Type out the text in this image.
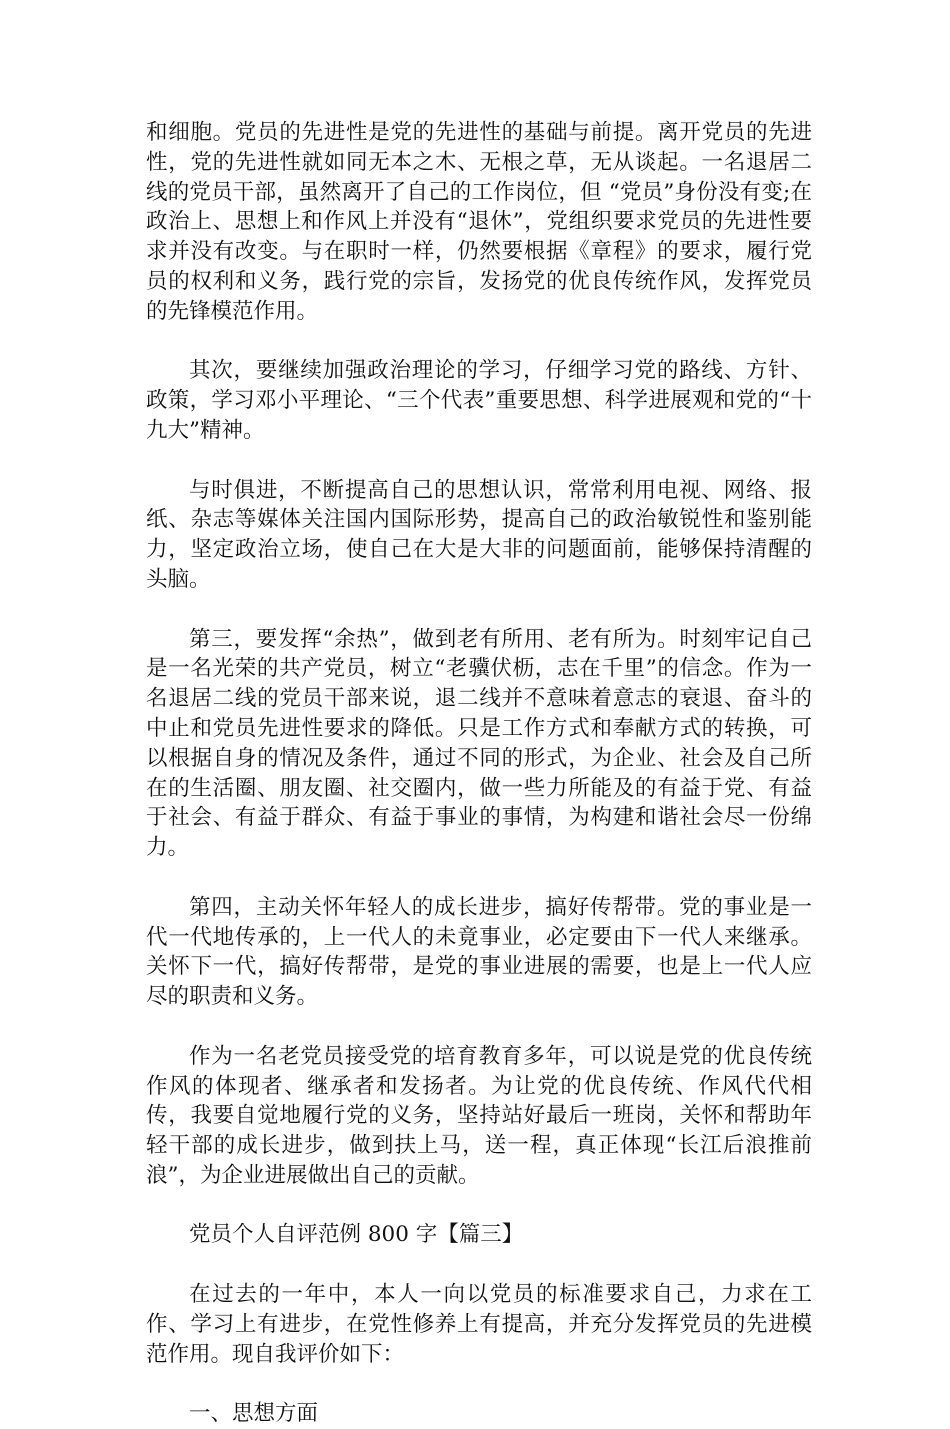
和细胞。党员的先进性是党的先进性的基础与前提。离开党员的先进性，党的先进性就如同无本之木、无根之草，无从谈起。一名退居二线的党员干部，虽然离开了自己的工作岗位，但 “党员”身份没有变;在政治上、思想上和作风上并没有“退休”，党组织要求党员的先进性要求并没有改变。与在职时一样，仍然要根据《章程》的要求，履行党员的权利和义务，践行党的宗旨，发扬党的优良传统作风，发挥党员的先锋模范作用。

其次，要继续加强政治理论的学习，仔细学习党的路线、方针、政策，学习邓小平理论、“三个代表”重要思想、科学进展观和党的“十九大”精神。

与时俱进，不断提高自己的思想认识，常常利用电视、网络、报纸、杂志等媒体关注国内国际形势，提高自己的政治敏锐性和鉴别能力，坚定政治立场，使自己在大是大非的问题面前，能够保持清醒的头脑。

第三，要发挥“余热”，做到老有所用、老有所为。时刻牢记自己是一名光荣的共产党员，树立“老骥伏枥，志在千里”的信念。作为一名退居二线的党员干部来说，退二线并不意味着意志的衰退、奋斗的中止和党员先进性要求的降低。只是工作方式和奉献方式的转换，可以根据自身的情况及条件，通过不同的形式，为企业、社会及自己所在的生活圈、朋友圈、社交圈内，做一些力所能及的有益于党、有益于社会、有益于群众、有益于事业的事情，为构建和谐社会尽一份绵力。

第四，主动关怀年轻人的成长进步，搞好传帮带。党的事业是一代一代地传承的，上一代人的未竟事业，必定要由下一代人来继承。关怀下一代，搞好传帮带，是党的事业进展的需要，也是上一代人应尽的职责和义务。

作为一名老党员接受党的培育教育多年，可以说是党的优良传统作风的体现者、继承者和发扬者。为让党的优良传统、作风代代相传，我要自觉地履行党的义务，坚持站好最后一班岗，关怀和帮助年轻干部的成长进步，做到扶上马，送一程，真正体现“长江后浪推前浪”，为企业进展做出自己的贡献。

党员个人自评范例 800 字【篇三】

在过去的一年中，本人一向以党员的标准要求自己，力求在工作、学习上有进步，在党性修养上有提高，并充分发挥党员的先进模范作用。现自我评价如下：

一、思想方面
